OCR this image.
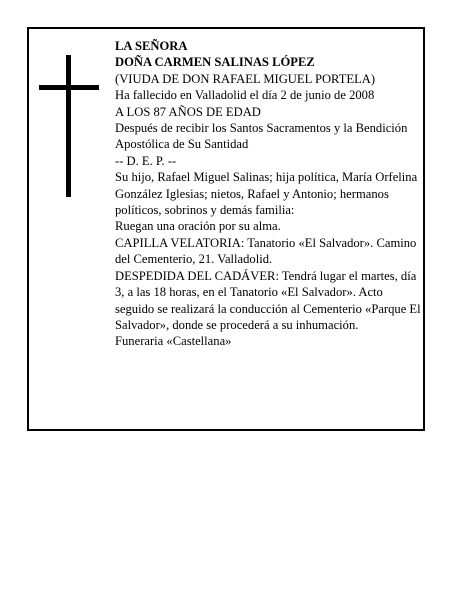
LA SEÑORA

DOÑA CARMEN SALINAS LÓPEZ

(VIUDA DE DON RAFAEL MIGUEL PORTELA)

Ha fallecido en Valladolid el día 2 de junio de 2008

A LOS 87 AÑOS DE EDAD

Después de recibir los Santos Sacramentos y la Bendición Apostólica de Su Santidad

-- D. E. P. --

Su hijo, Rafael Miguel Salinas; hija política, María Orfelina González Iglesias; nietos, Rafael y Antonio; hermanos políticos, sobrinos y demás familia:

Ruegan una oración por su alma.

CAPILLA VELATORIA: Tanatorio «El Salvador». Camino del Cementerio, 21. Valladolid.

DESPEDIDA DEL CADÁVER: Tendrá lugar el martes, día 3, a las 18 horas, en el Tanatorio «El Salvador». Acto seguido se realizará la conducción al Cementerio «Parque El Salvador», donde se procederá a su inhumación.

Funeraria «Castellana»
